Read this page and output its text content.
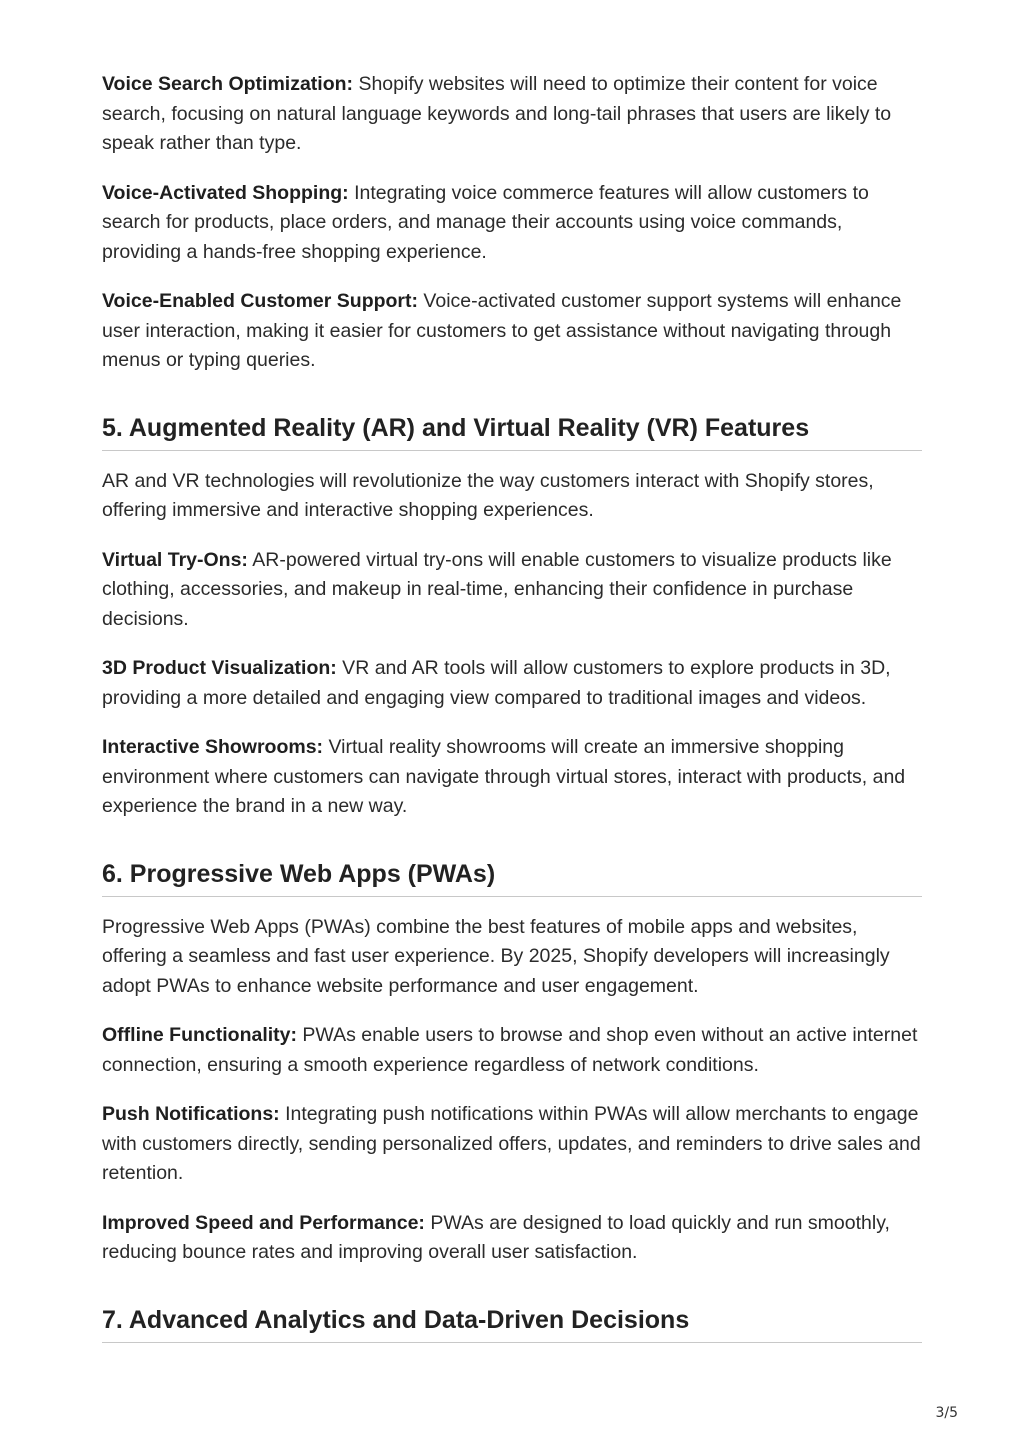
Voice Search Optimization: Shopify websites will need to optimize their content for voice search, focusing on natural language keywords and long-tail phrases that users are likely to speak rather than type.

Voice-Activated Shopping: Integrating voice commerce features will allow customers to search for products, place orders, and manage their accounts using voice commands, providing a hands-free shopping experience.

Voice-Enabled Customer Support: Voice-activated customer support systems will enhance user interaction, making it easier for customers to get assistance without navigating through menus or typing queries.

5. Augmented Reality (AR) and Virtual Reality (VR) Features

AR and VR technologies will revolutionize the way customers interact with Shopify stores, offering immersive and interactive shopping experiences.

Virtual Try-Ons: AR-powered virtual try-ons will enable customers to visualize products like clothing, accessories, and makeup in real-time, enhancing their confidence in purchase decisions.

3D Product Visualization: VR and AR tools will allow customers to explore products in 3D, providing a more detailed and engaging view compared to traditional images and videos.

Interactive Showrooms: Virtual reality showrooms will create an immersive shopping environment where customers can navigate through virtual stores, interact with products, and experience the brand in a new way.

6. Progressive Web Apps (PWAs)

Progressive Web Apps (PWAs) combine the best features of mobile apps and websites, offering a seamless and fast user experience. By 2025, Shopify developers will increasingly adopt PWAs to enhance website performance and user engagement.

Offline Functionality: PWAs enable users to browse and shop even without an active internet connection, ensuring a smooth experience regardless of network conditions.

Push Notifications: Integrating push notifications within PWAs will allow merchants to engage with customers directly, sending personalized offers, updates, and reminders to drive sales and retention.

Improved Speed and Performance: PWAs are designed to load quickly and run smoothly, reducing bounce rates and improving overall user satisfaction.

7. Advanced Analytics and Data-Driven Decisions
3/5
